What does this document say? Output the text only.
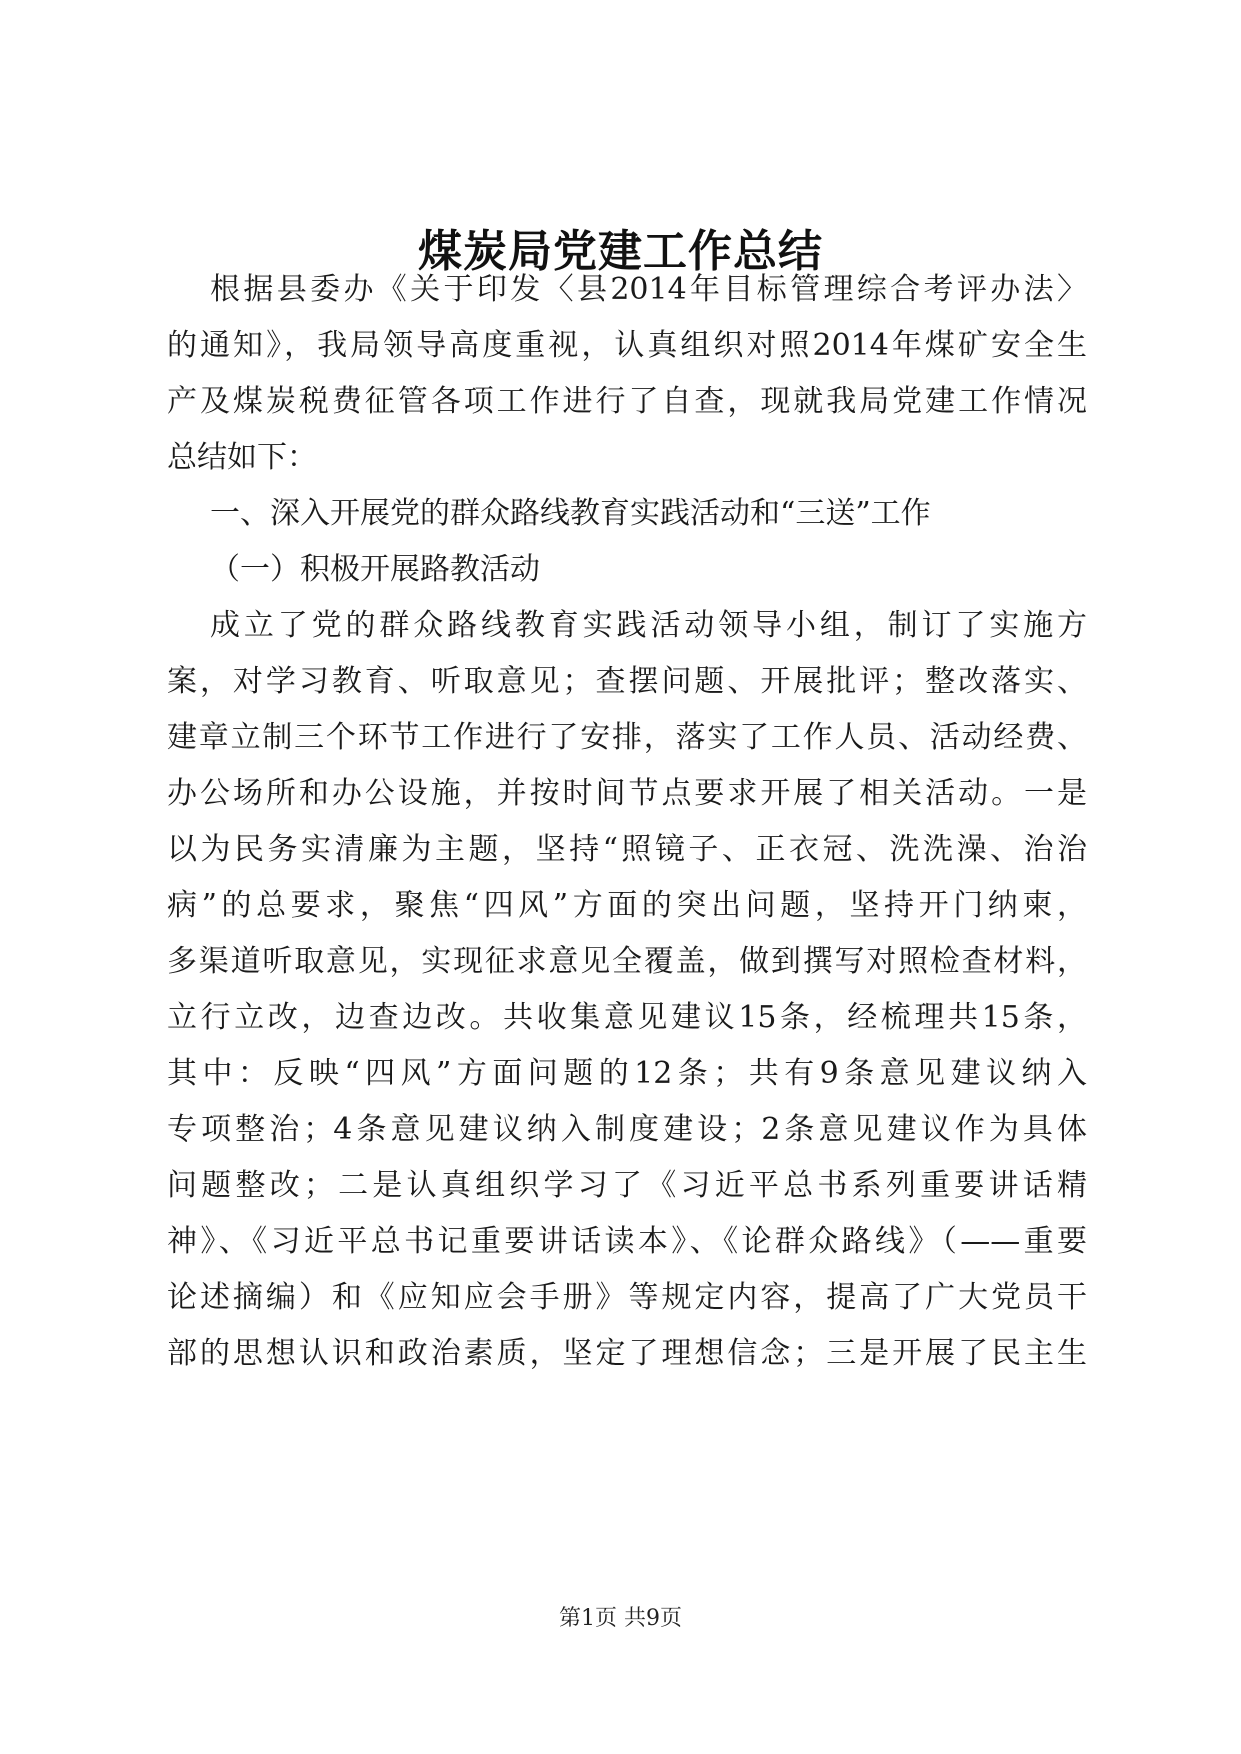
煤炭局党建工作总结
根据县委办《关于印发〈县2014年目标管理综合考评办法〉
的通知》，我局领导高度重视，认真组织对照2014年煤矿安全生
产及煤炭税费征管各项工作进行了自查，现就我局党建工作情况
总结如下：
一、深入开展党的群众路线教育实践活动和“三送”工作
（一）积极开展路教活动
成立了党的群众路线教育实践活动领导小组，制订了实施方
案，对学习教育、听取意见；查摆问题、开展批评；整改落实、
建章立制三个环节工作进行了安排，落实了工作人员、活动经费、
办公场所和办公设施，并按时间节点要求开展了相关活动。一是
以为民务实清廉为主题，坚持“照镜子、正衣冠、洗洗澡、治治
病”的总要求，聚焦“四风”方面的突出问题，坚持开门纳柬，
多渠道听取意见，实现征求意见全覆盖，做到撰写对照检查材料，
立行立改，边查边改。共收集意见建议15条，经梳理共15条，
其中：反映“四风”方面问题的12条；共有9条意见建议纳入
专项整治；4条意见建议纳入制度建设；2条意见建议作为具体
问题整改；二是认真组织学习了《习近平总书系列重要讲话精
神》、《习近平总书记重要讲话读本》、《论群众路线》（——重要
论述摘编）和《应知应会手册》等规定内容，提高了广大党员干
部的思想认识和政治素质，坚定了理想信念；三是开展了民主生
第1页 共9页
